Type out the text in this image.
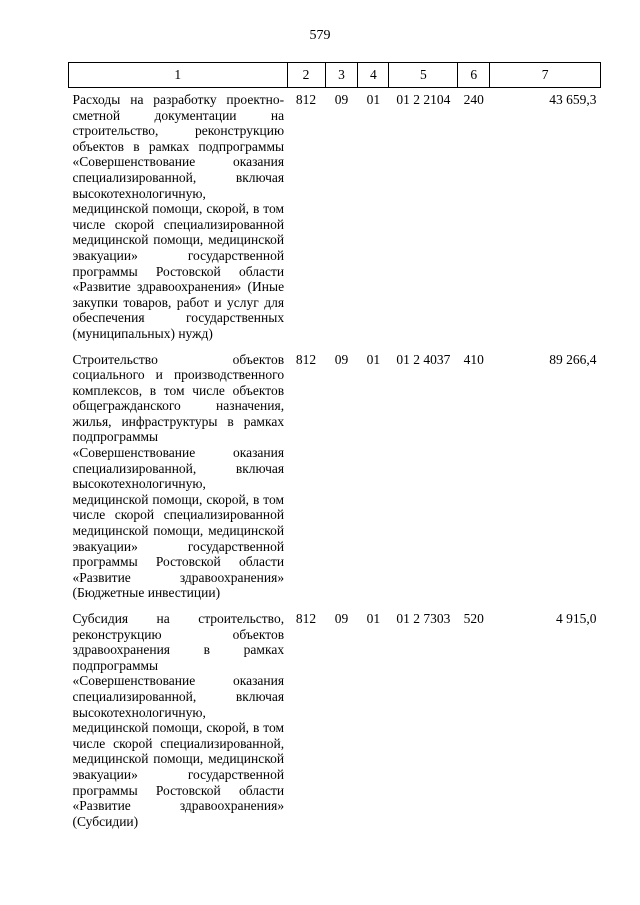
579
1	2	3	4	5	6	7
Расходы на разработку проектно-сметной документации на строительство, реконструкцию объектов в рамках подпрограммы «Совершенствование оказания специализированной, включая высокотехнологичную, медицинской помощи, скорой, в том числе скорой специализированной медицинской помощи, медицинской эвакуации» государственной программы Ростовской области «Развитие здравоохранения» (Иные закупки товаров, работ и услуг для обеспечения государственных (муниципальных) нужд)	812	09	01	01 2 2104	240	43 659,3
Строительство объектов социального и производственного комплексов, в том числе объектов общегражданского назначения, жилья, инфраструктуры в рамках подпрограммы «Совершенствование оказания специализированной, включая высокотехнологичную, медицинской помощи, скорой, в том числе скорой специализированной медицинской помощи, медицинской эвакуации» государственной программы Ростовской области «Развитие здравоохранения» (Бюджетные инвестиции)	812	09	01	01 2 4037	410	89 266,4
Субсидия на строительство, реконструкцию объектов здравоохранения в рамках подпрограммы «Совершенствование оказания специализированной, включая высокотехнологичную, медицинской помощи, скорой, в том числе скорой специализированной, медицинской помощи, медицинской эвакуации» государственной программы Ростовской области «Развитие здравоохранения» (Субсидии)	812	09	01	01 2 7303	520	4 915,0
